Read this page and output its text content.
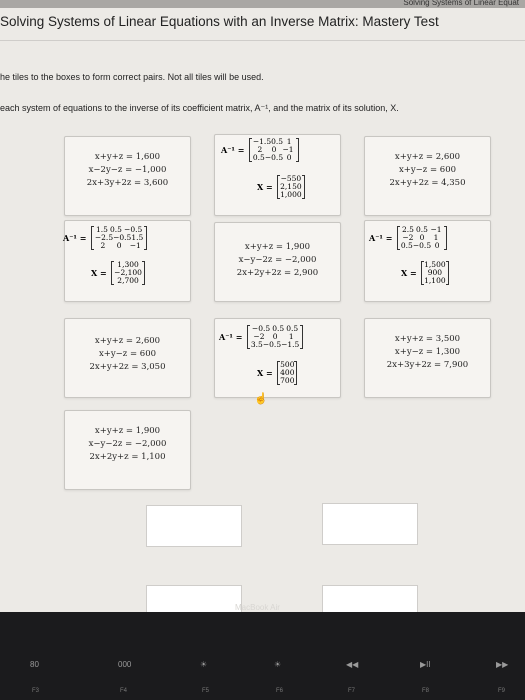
Solving Systems of Linear Equat
Solving Systems of Linear Equations with an Inverse Matrix: Mastery Test
he tiles to the boxes to form correct pairs. Not all tiles will be used.
each system of equations to the inverse of its coefficient matrix, A⁻¹, and the matrix of its solution, X.
x+y+z = 1,600
x−2y−z = −1,000
2x+3y+2z = 3,600
A⁻¹ =
−1.5 0.5 1
2	0 −1
0.5 −0.5 0
X =
−550
2,150
1,000
x+y+z = 2,600
x+y−z = 600
2x+y+2z = 4,350
A⁻¹ =
1.5 0.5 −0.5
−2.5 −0.5 1.5
2	0	−1
X =
1,300
−2,100
2,700
x+y+z = 1,900
x−y−2z = −2,000
2x+2y+2z = 2,900
A⁻¹ =
2.5 0.5 −1
−2 0	1
0.5 −0.5 0
X =
1,500
900
1,100
x+y+z = 2,600
x+y−z = 600
2x+y+2z = 3,050
A⁻¹ =
−0.5 0.5 0.5
−2	0	1
3.5 −0.5 −1.5
X =
500
400
700
x+y+z = 3,500
x+y−z = 1,300
2x+3y+2z = 7,900
☝
x+y+z = 1,900
x−y−2z = −2,000
2x+2y+z = 1,100
MacBook Air
80	000	☀	☀	◀◀	▶II	▶▶
F3	F4	F5	F6	F7	F8	F9
